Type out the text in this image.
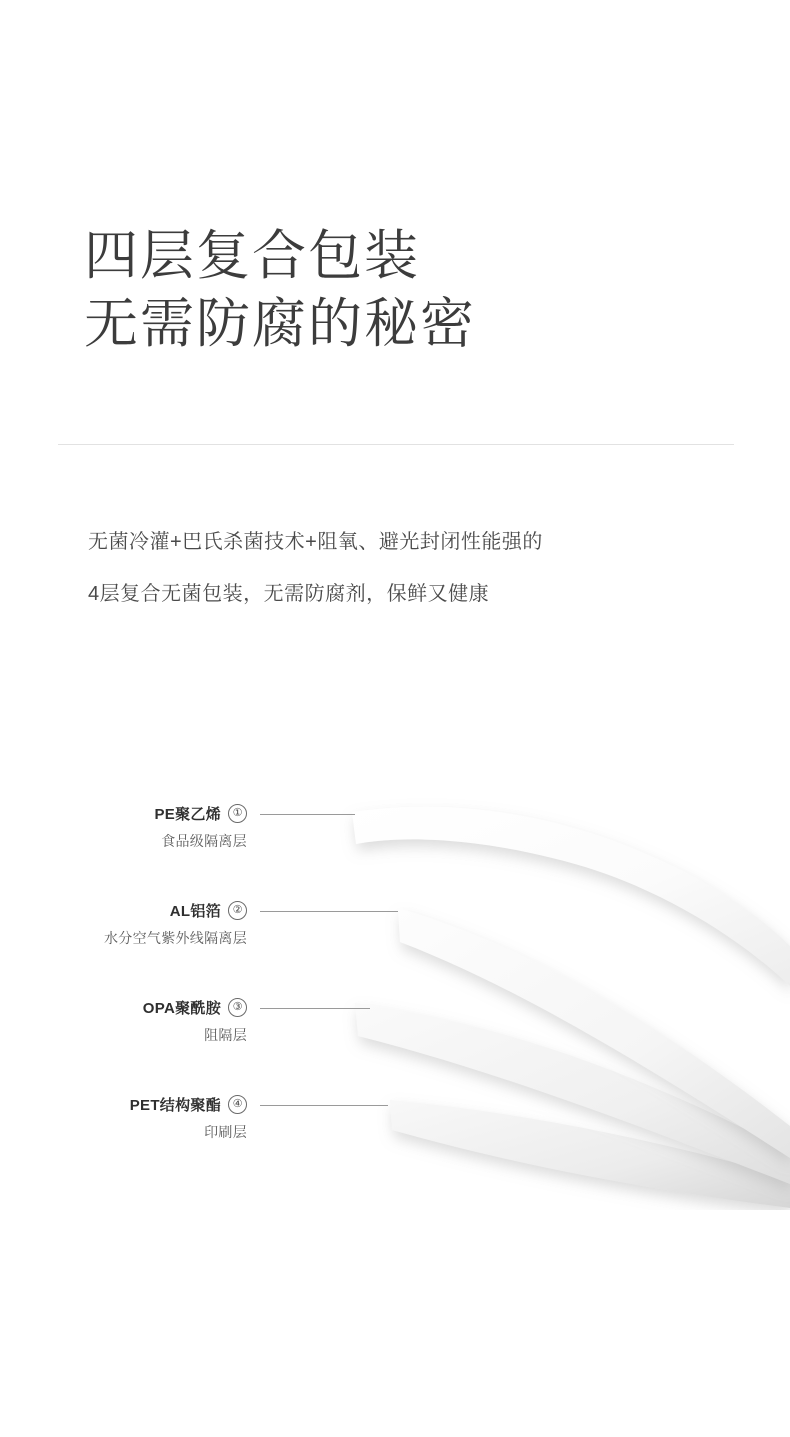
四层复合包装
无需防腐的秘密
无菌冷灌+巴氏杀菌技术+阻氧、避光封闭性能强的
4层复合无菌包装，无需防腐剂，保鲜又健康
PE聚乙烯	①
食品级隔离层
AL铝箔	②
水分空气紫外线隔离层
OPA聚酰胺	③
阻隔层
PET结构聚酯	④
印刷层
